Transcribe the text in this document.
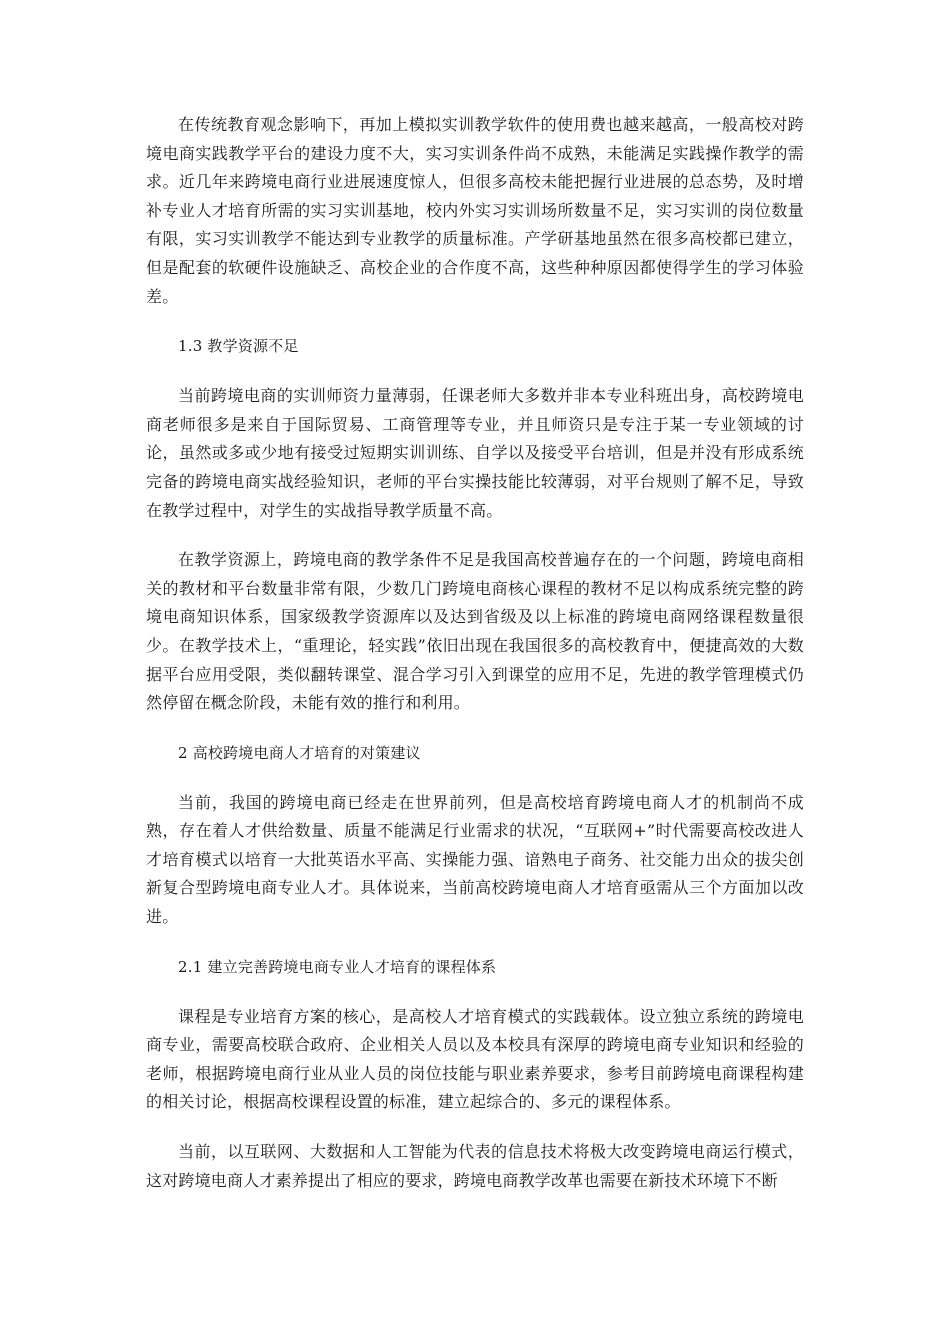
在传统教育观念影响下，再加上模拟实训教学软件的使用费也越来越高，一般高校对跨境电商实践教学平台的建设力度不大，实习实训条件尚不成熟，未能满足实践操作教学的需求。近几年来跨境电商行业进展速度惊人，但很多高校未能把握行业进展的总态势，及时增补专业人才培育所需的实习实训基地，校内外实习实训场所数量不足，实习实训的岗位数量有限，实习实训教学不能达到专业教学的质量标准。产学研基地虽然在很多高校都已建立，但是配套的软硬件设施缺乏、高校企业的合作度不高，这些种种原因都使得学生的学习体验差。

1.3 教学资源不足

当前跨境电商的实训师资力量薄弱，任课老师大多数并非本专业科班出身，高校跨境电商老师很多是来自于国际贸易、工商管理等专业，并且师资只是专注于某一专业领域的讨论，虽然或多或少地有接受过短期实训训练、自学以及接受平台培训，但是并没有形成系统完备的跨境电商实战经验知识，老师的平台实操技能比较薄弱，对平台规则了解不足，导致在教学过程中，对学生的实战指导教学质量不高。

在教学资源上，跨境电商的教学条件不足是我国高校普遍存在的一个问题，跨境电商相关的教材和平台数量非常有限，少数几门跨境电商核心课程的教材不足以构成系统完整的跨境电商知识体系，国家级教学资源库以及达到省级及以上标准的跨境电商网络课程数量很少。在教学技术上，“重理论，轻实践”依旧出现在我国很多的高校教育中，便捷高效的大数据平台应用受限，类似翻转课堂、混合学习引入到课堂的应用不足，先进的教学管理模式仍然停留在概念阶段，未能有效的推行和利用。

2 高校跨境电商人才培育的对策建议

当前，我国的跨境电商已经走在世界前列，但是高校培育跨境电商人才的机制尚不成熟，存在着人才供给数量、质量不能满足行业需求的状况，“互联网+”时代需要高校改进人才培育模式以培育一大批英语水平高、实操能力强、谙熟电子商务、社交能力出众的拔尖创新复合型跨境电商专业人才。具体说来，当前高校跨境电商人才培育亟需从三个方面加以改进。

2.1 建立完善跨境电商专业人才培育的课程体系

课程是专业培育方案的核心，是高校人才培育模式的实践载体。设立独立系统的跨境电商专业，需要高校联合政府、企业相关人员以及本校具有深厚的跨境电商专业知识和经验的老师，根据跨境电商行业从业人员的岗位技能与职业素养要求，参考目前跨境电商课程构建的相关讨论，根据高校课程设置的标准，建立起综合的、多元的课程体系。

当前，以互联网、大数据和人工智能为代表的信息技术将极大改变跨境电商运行模式，这对跨境电商人才素养提出了相应的要求，跨境电商教学改革也需要在新技术环境下不断
